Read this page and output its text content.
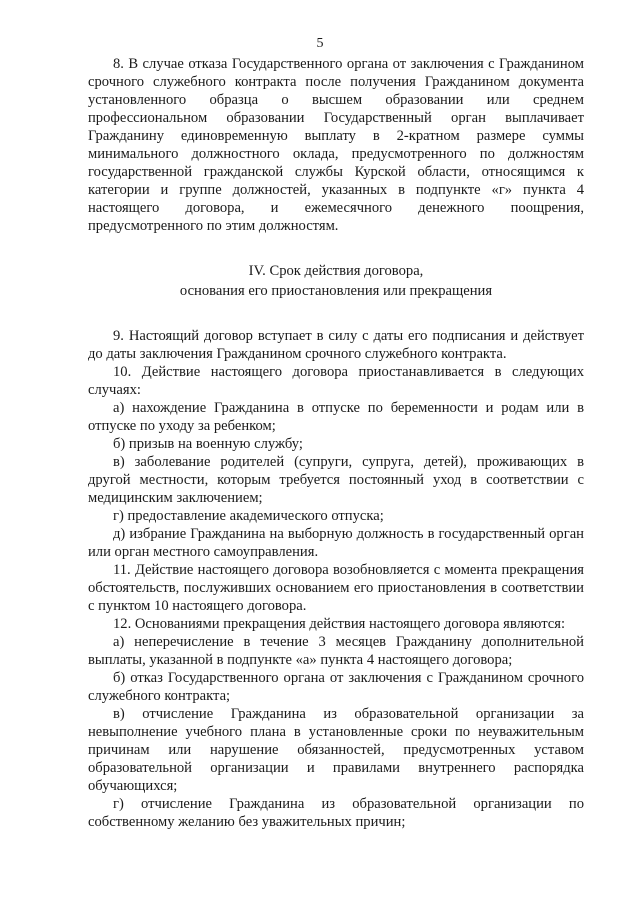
5

8. В случае отказа Государственного органа от заключения с Гражданином срочного служебного контракта после получения Гражданином документа установленного образца о высшем образовании или среднем профессиональном образовании Государственный орган выплачивает Гражданину единовременную выплату в 2-кратном размере суммы минимального должностного оклада, предусмотренного по должностям государственной гражданской службы Курской области, относящимся к категории и группе должностей, указанных в подпункте «г» пункта 4 настоящего договора, и ежемесячного денежного поощрения, предусмотренного по этим должностям.

IV. Срок действия договора,
основания его приостановления или прекращения

9. Настоящий договор вступает в силу с даты его подписания и действует до даты заключения Гражданином срочного служебного контракта.

10. Действие настоящего договора приостанавливается в следующих случаях:

а) нахождение Гражданина в отпуске по беременности и родам или в отпуске по уходу за ребенком;

б) призыв на военную службу;

в) заболевание родителей (супруги, супруга, детей), проживающих в другой местности, которым требуется постоянный уход в соответствии с медицинским заключением;

г) предоставление академического отпуска;

д) избрание Гражданина на выборную должность в государственный орган или орган местного самоуправления.

11. Действие настоящего договора возобновляется с момента прекращения обстоятельств, послуживших основанием его приостановления в соответствии с пунктом 10 настоящего договора.

12. Основаниями прекращения действия настоящего договора являются:

а) неперечисление в течение 3 месяцев Гражданину дополнительной выплаты, указанной в подпункте «а» пункта 4 настоящего договора;

б) отказ Государственного органа от заключения с Гражданином срочного служебного контракта;

в) отчисление Гражданина из образовательной организации за невыполнение учебного плана в установленные сроки по неуважительным причинам или нарушение обязанностей, предусмотренных уставом образовательной организации и правилами внутреннего распорядка обучающихся;

г) отчисление Гражданина из образовательной организации по собственному желанию без уважительных причин;
